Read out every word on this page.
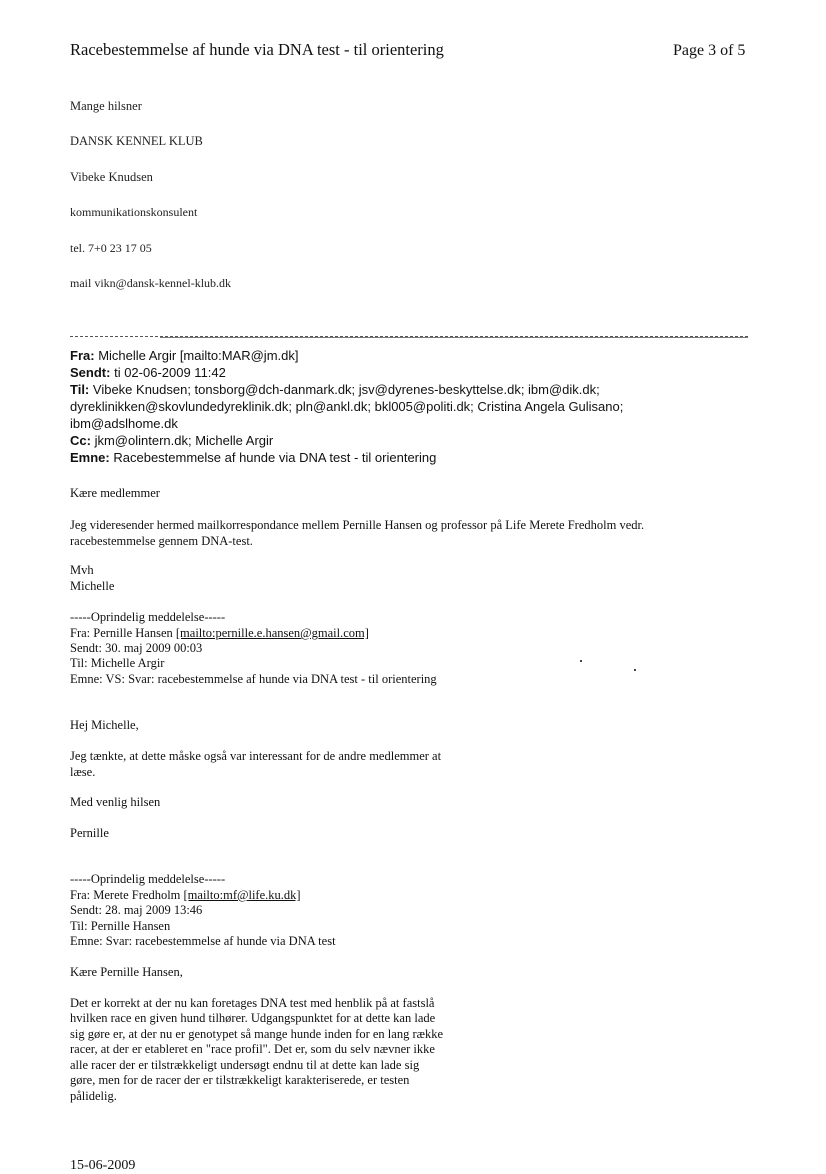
Racebestemmelse af hunde via DNA test - til orientering	Page 3 of 5
Mange hilsner
DANSK KENNEL KLUB
Vibeke Knudsen
kommunikationskonsulent
tel. 7+0 23 17 05
mail vikn@dansk-kennel-klub.dk
Fra: Michelle Argir [mailto:MAR@jm.dk]
Sendt: ti 02-06-2009 11:42
Til: Vibeke Knudsen; tonsborg@dch-danmark.dk; jsv@dyrenes-beskyttelse.dk; ibm@dik.dk;
dyreklinikken@skovlundedyreklinik.dk; pln@ankl.dk; bkl005@politi.dk; Cristina Angela Gulisano;
ibm@adslhome.dk
Cc: jkm@olintern.dk; Michelle Argir
Emne: Racebestemmelse af hunde via DNA test - til orientering
Kære medlemmer
Jeg videresender hermed mailkorrespondance mellem Pernille Hansen og professor på Life Merete Fredholm vedr.
racebestemmelse gennem DNA-test.
Mvh
Michelle
-----Oprindelig meddelelse-----
Fra: Pernille Hansen [mailto:pernille.e.hansen@gmail.com]
Sendt: 30. maj 2009 00:03
Til: Michelle Argir
Emne: VS: Svar: racebestemmelse af hunde via DNA test - til orientering
Hej Michelle,
Jeg tænkte, at dette måske også var interessant for de andre medlemmer at
læse.
Med venlig hilsen
Pernille
-----Oprindelig meddelelse-----
Fra: Merete Fredholm [mailto:mf@life.ku.dk]
Sendt: 28. maj 2009 13:46
Til: Pernille Hansen
Emne: Svar: racebestemmelse af hunde via DNA test
Kære Pernille Hansen,
Det er korrekt at der nu kan foretages DNA test med henblik på at fastslå
hvilken race en given hund tilhører. Udgangspunktet for at dette kan lade
sig gøre er, at der nu er genotypet så mange hunde inden for en lang række
racer, at der er etableret en "race profil". Det er, som du selv nævner ikke
alle racer der er tilstrækkeligt undersøgt endnu til at dette kan lade sig
gøre, men for de racer der er tilstrækkeligt karakteriserede, er testen
pålidelig.
15-06-2009
